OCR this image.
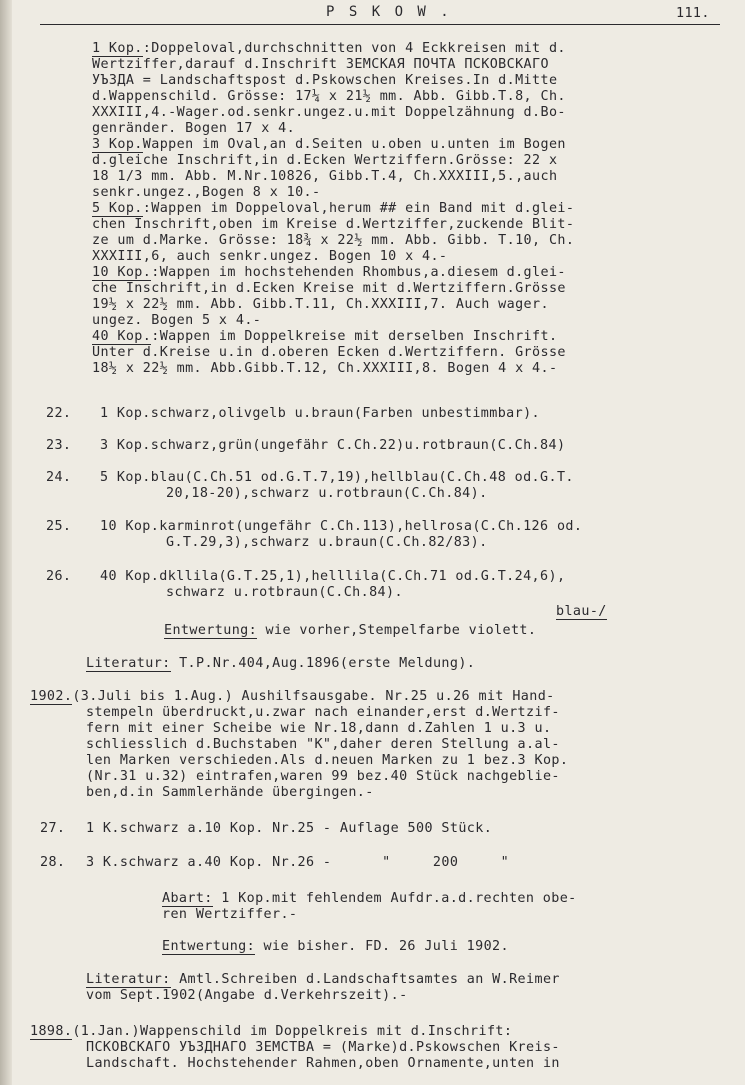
P S K O W .	111.
1 Kop.:Doppeloval,durchschnitten von 4 Eckkreisen mit d.
Wertziffer,darauf d.Inschrift ЗЕМСКАЯ ПОЧТА ПСКОВСКАГО
УЪЗДА = Landschaftspost d.Pskowschen Kreises.In d.Mitte
d.Wappenschild. Grösse: 17¼ x 21½ mm. Abb. Gibb.T.8, Ch.
XXXIII,4.-Wager.od.senkr.ungez.u.mit Doppelzähnung d.Bo-
genränder. Bogen 17 x 4.
3 Kop.Wappen im Oval,an d.Seiten u.oben u.unten im Bogen
d.gleiche Inschrift,in d.Ecken Wertziffern.Grösse: 22 x
18 1/3 mm. Abb. M.Nr.10826, Gibb.T.4, Ch.XXXIII,5.,auch
senkr.ungez.,Bogen 8 x 10.-
5 Kop.:Wappen im Doppeloval,herum ## ein Band mit d.glei-
chen Inschrift,oben im Kreise d.Wertziffer,zuckende Blit-
ze um d.Marke. Grösse: 18¾ x 22½ mm. Abb. Gibb. T.10, Ch.
XXXIII,6, auch senkr.ungez. Bogen 10 x 4.-
10 Kop.:Wappen im hochstehenden Rhombus,a.diesem d.glei-
che Inschrift,in d.Ecken Kreise mit d.Wertziffern.Grösse
19½ x 22½ mm. Abb. Gibb.T.11, Ch.XXXIII,7. Auch wager.
ungez. Bogen 5 x 4.-
40 Kop.:Wappen im Doppelkreise mit derselben Inschrift.
Unter d.Kreise u.in d.oberen Ecken d.Wertziffern. Grösse
18½ x 22½ mm. Abb.Gibb.T.12, Ch.XXXIII,8. Bogen 4 x 4.-
22. 1 Kop.schwarz,olivgelb u.braun(Farben unbestimmbar).
23. 3 Kop.schwarz,grün(ungefähr C.Ch.22)u.rotbraun(C.Ch.84)
24. 5 Kop.blau(C.Ch.51 od.G.T.7,19),hellblau(C.Ch.48 od.G.T.
20,18-20),schwarz u.rotbraun(C.Ch.84).
25. 10 Kop.karminrot(ungefähr C.Ch.113),hellrosa(C.Ch.126 od.
G.T.29,3),schwarz u.braun(C.Ch.82/83).
26. 40 Kop.dkllila(G.T.25,1),helllila(C.Ch.71 od.G.T.24,6),
schwarz u.rotbraun(C.Ch.84).
blau-/
Entwertung: wie vorher,Stempelfarbe violett.
Literatur: T.P.Nr.404,Aug.1896(erste Meldung).
1902.(3.Juli bis 1.Aug.) Aushilfsausgabe. Nr.25 u.26 mit Hand-
stempeln überdruckt,u.zwar nach einander,erst d.Wertzif-
fern mit einer Scheibe wie Nr.18,dann d.Zahlen 1 u.3 u.
schliesslich d.Buchstaben "K",daher deren Stellung a.al-
len Marken verschieden.Als d.neuen Marken zu 1 bez.3 Kop.
(Nr.31 u.32) eintrafen,waren 99 bez.40 Stück nachgeblie-
ben,d.in Sammlerhände übergingen.-
27. 1 K.schwarz a.10 Kop. Nr.25 - Auflage 500 Stück.
28. 3 K.schwarz a.40 Kop. Nr.26 -      "     200     "
Abart: 1 Kop.mit fehlendem Aufdr.a.d.rechten obe-
ren Wertziffer.-
Entwertung: wie bisher. FD. 26 Juli 1902.
Literatur: Amtl.Schreiben d.Landschaftsamtes an W.Reimer
vom Sept.1902(Angabe d.Verkehrszeit).-
1898.(1.Jan.)Wappenschild im Doppelkreis mit d.Inschrift:
ПСКОВСКАГО УЪЗДНАГО ЗЕМСТВА = (Marke)d.Pskowschen Kreis-
Landschaft. Hochstehender Rahmen,oben Ornamente,unten in
